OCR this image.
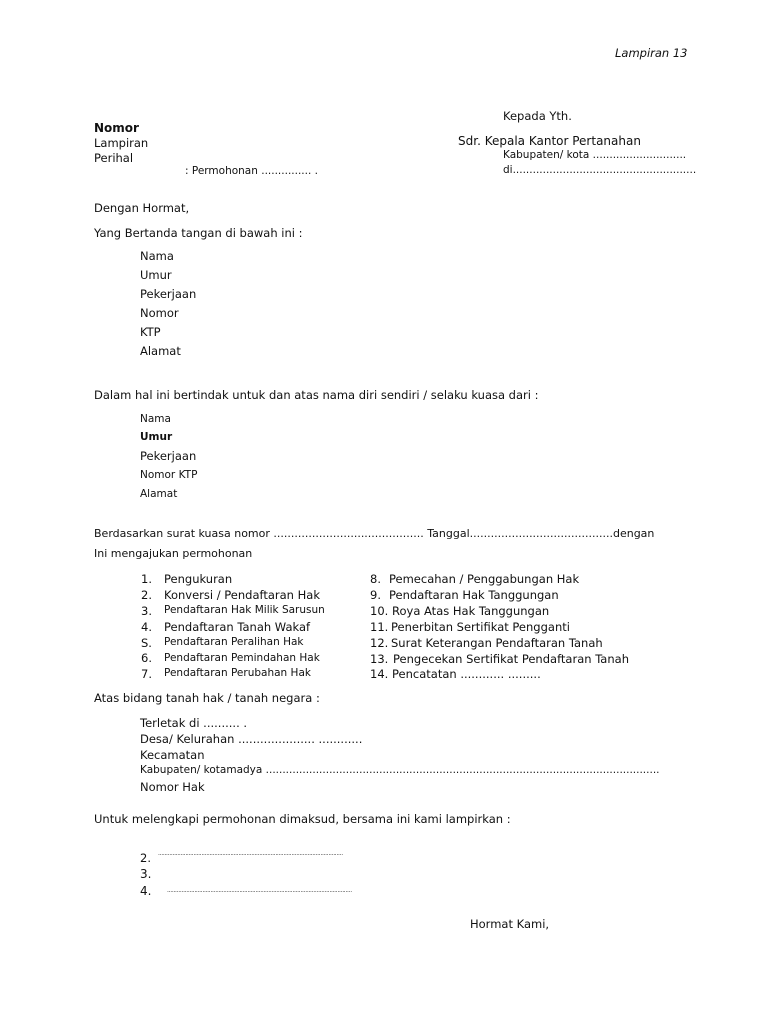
Lampiran 13
Kepada Yth.
Sdr. Kepala Kantor Pertanahan
Kabupaten/ kota ............................
di.......................................................
Nomor
Lampiran
Perihal
: Permohonan ............... .
Dengan Hormat,
Yang Bertanda tangan di bawah ini :
Nama
Umur
Pekerjaan
Nomor
KTP
Alamat
Dalam hal ini bertindak untuk dan atas nama diri sendiri / selaku kuasa dari :
Nama
Umur
Pekerjaan
Nomor KTP
Alamat
Berdasarkan surat kuasa nomor ........................................... Tanggal.........................................dengan
Ini mengajukan permohonan
1. Pengukuran
2. Konversi / Pendaftaran Hak
3. Pendaftaran Hak Milik Sarusun
4. Pendaftaran Tanah Wakaf
S. Pendaftaran Peralihan Hak
6. Pendaftaran Pemindahan Hak
7. Pendaftaran Perubahan Hak
8. Pemecahan / Penggabungan Hak
9. Pendaftaran Hak Tanggungan
10. Roya Atas Hak Tanggungan
11. Penerbitan Sertifikat Pengganti
12. Surat Keterangan Pendaftaran Tanah
13. Pengecekan Sertifikat Pendaftaran Tanah
14. Pencatatan ............ .........
Atas bidang tanah hak / tanah negara :
Terletak di .......... .
Desa/ Kelurahan ..................... ............
Kecamatan
Kabupaten/ kotamadya ......................................................................................................................
Nomor Hak
Untuk melengkapi permohonan dimaksud, bersama ini kami lampirkan :
2. ...................................................................................................................
3.
4.	...................................................................................................................
Hormat Kami,
